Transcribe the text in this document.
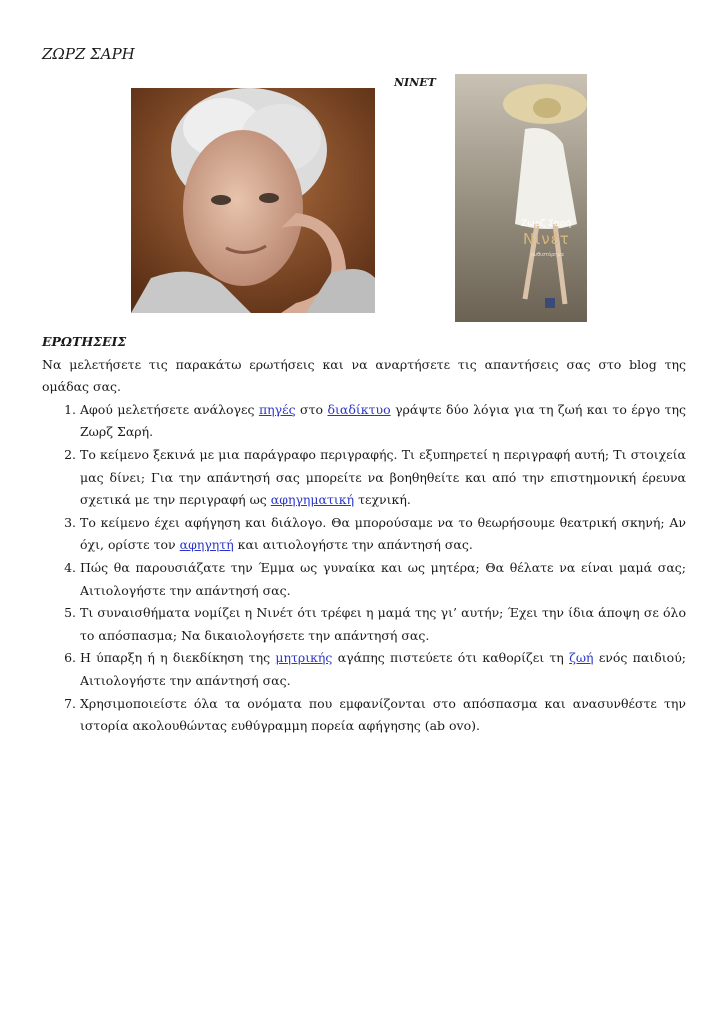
ΖΩΡΖ ΣΑΡΗ
ΝΙΝΕΤ
Ζωρζ Σαρή
Νινέτ
μυθιστόρημα

ΕΡΩΤΗΣΕΙΣ

Να μελετήσετε τις παρακάτω ερωτήσεις και να αναρτήσετε τις απαντήσεις σας στο blog της ομάδας σας.

1. Αφού μελετήσετε ανάλογες πηγές στο διαδίκτυο γράψτε δύο λόγια για τη ζωή και το έργο της Ζωρζ Σαρή.
2. Το κείμενο ξεκινά με μια παράγραφο περιγραφής. Τι εξυπηρετεί η περιγραφή αυτή; Τι στοιχεία μας δίνει; Για την απάντησή σας μπορείτε να βοηθηθείτε και από την επιστημονική έρευνα σχετικά με την περιγραφή ως αφηγηματική τεχνική.
3. Το κείμενο έχει αφήγηση και διάλογο. Θα μπορούσαμε να το θεωρήσουμε θεατρική σκηνή; Αν όχι, ορίστε τον αφηγητή και αιτιολογήστε την απάντησή σας.
4. Πώς θα παρουσιάζατε την Έμμα ως γυναίκα και ως μητέρα; Θα θέλατε να είναι μαμά σας; Αιτιολογήστε την απάντησή σας.
5. Τι συναισθήματα νομίζει η Νινέτ ότι τρέφει η μαμά της γι’ αυτήν; Έχει την ίδια άποψη σε όλο το απόσπασμα; Να δικαιολογήσετε την απάντησή σας.
6. Η ύπαρξη ή η διεκδίκηση της μητρικής αγάπης πιστεύετε ότι καθορίζει τη ζωή ενός παιδιού; Αιτιολογήστε την απάντησή σας.
7. Χρησιμοποιείστε όλα τα ονόματα που εμφανίζονται στο απόσπασμα και ανασυνθέστε την ιστορία ακολουθώντας ευθύγραμμη πορεία αφήγησης (ab ovo).
